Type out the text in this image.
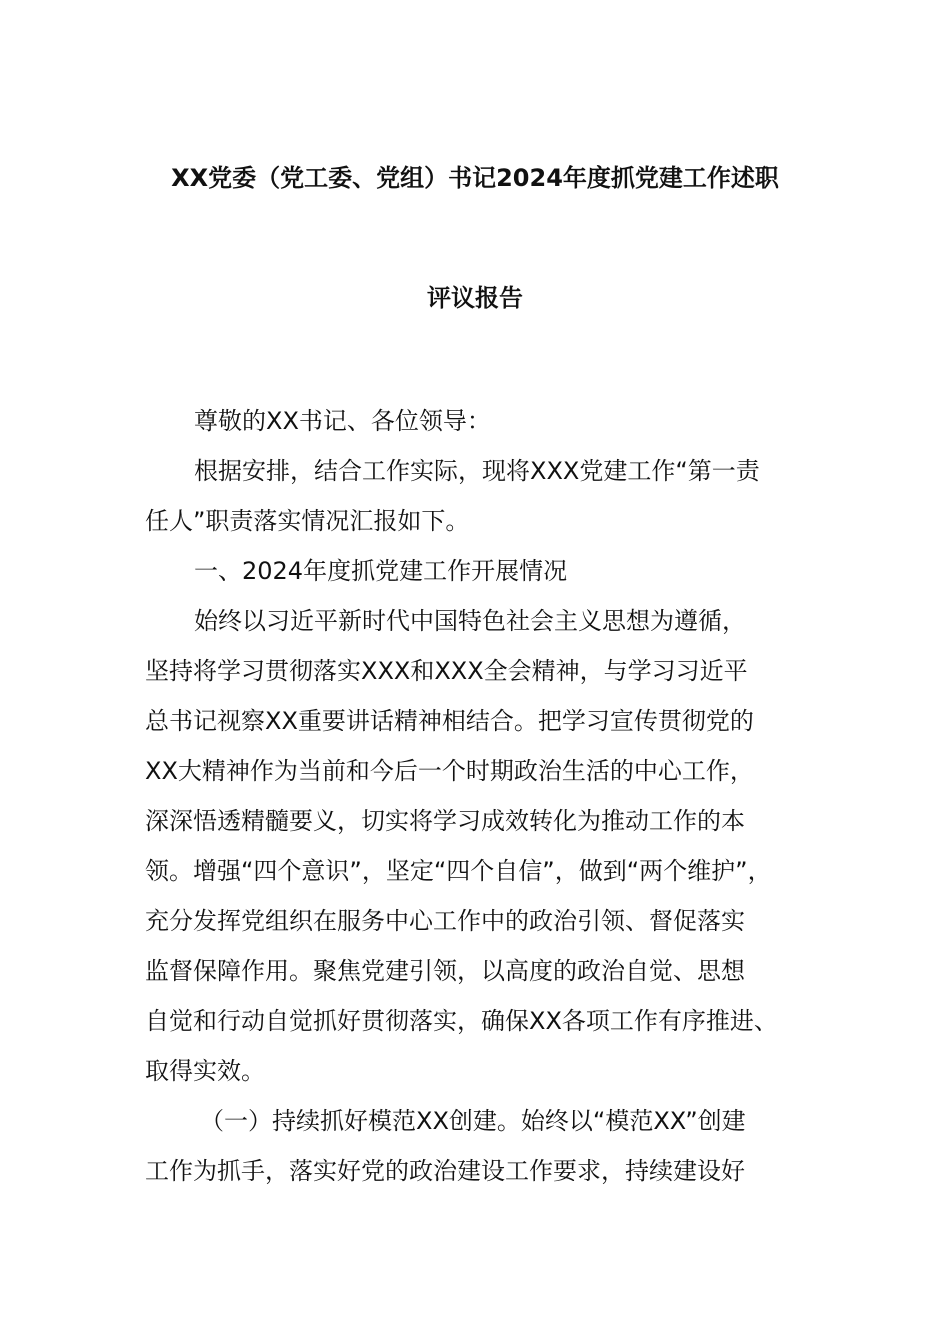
XX党委（党工委、党组）书记2024年度抓党建工作述职
评议报告
尊敬的XX书记、各位领导：
根据安排，结合工作实际，现将XXX党建工作“第一责
任人”职责落实情况汇报如下。
一、2024年度抓党建工作开展情况
始终以习近平新时代中国特色社会主义思想为遵循，
坚持将学习贯彻落实XXX和XXX全会精神，与学习习近平
总书记视察XX重要讲话精神相结合。把学习宣传贯彻党的
XX大精神作为当前和今后一个时期政治生活的中心工作，
深深悟透精髓要义，切实将学习成效转化为推动工作的本
领。增强“四个意识”，坚定“四个自信”，做到“两个维护”，
充分发挥党组织在服务中心工作中的政治引领、督促落实
监督保障作用。聚焦党建引领，以高度的政治自觉、思想
自觉和行动自觉抓好贯彻落实，确保XX各项工作有序推进、
取得实效。
（一）持续抓好模范XX创建。始终以“模范XX”创建
工作为抓手，落实好党的政治建设工作要求，持续建设好
